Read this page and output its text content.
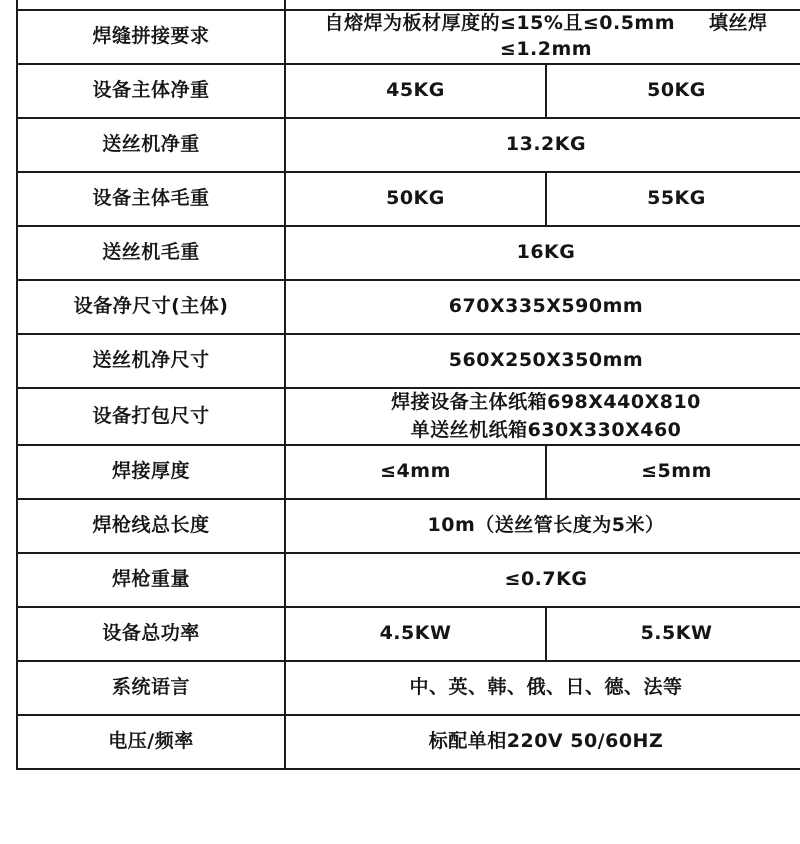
焊缝拼接要求	自熔焊为板材厚度的≤15%且≤0.5mm 填丝焊≤1.2mm	
设备主体净重	45KG	50KG
送丝机净重	13.2KG	
设备主体毛重	50KG	55KG
送丝机毛重	16KG	
设备净尺寸(主体)	670X335X590mm	
送丝机净尺寸	560X250X350mm	
设备打包尺寸	焊接设备主体纸箱698X440X810
单送丝机纸箱630X330X460	

焊接厚度	≤4mm	≤5mm
焊枪线总长度	10m（送丝管长度为5米）	
焊枪重量	≤0.7KG	
设备总功率	4.5KW	5.5KW
系统语言	中、英、韩、俄、日、德、法等	
电压/频率	标配单相220V 50/60HZ	
